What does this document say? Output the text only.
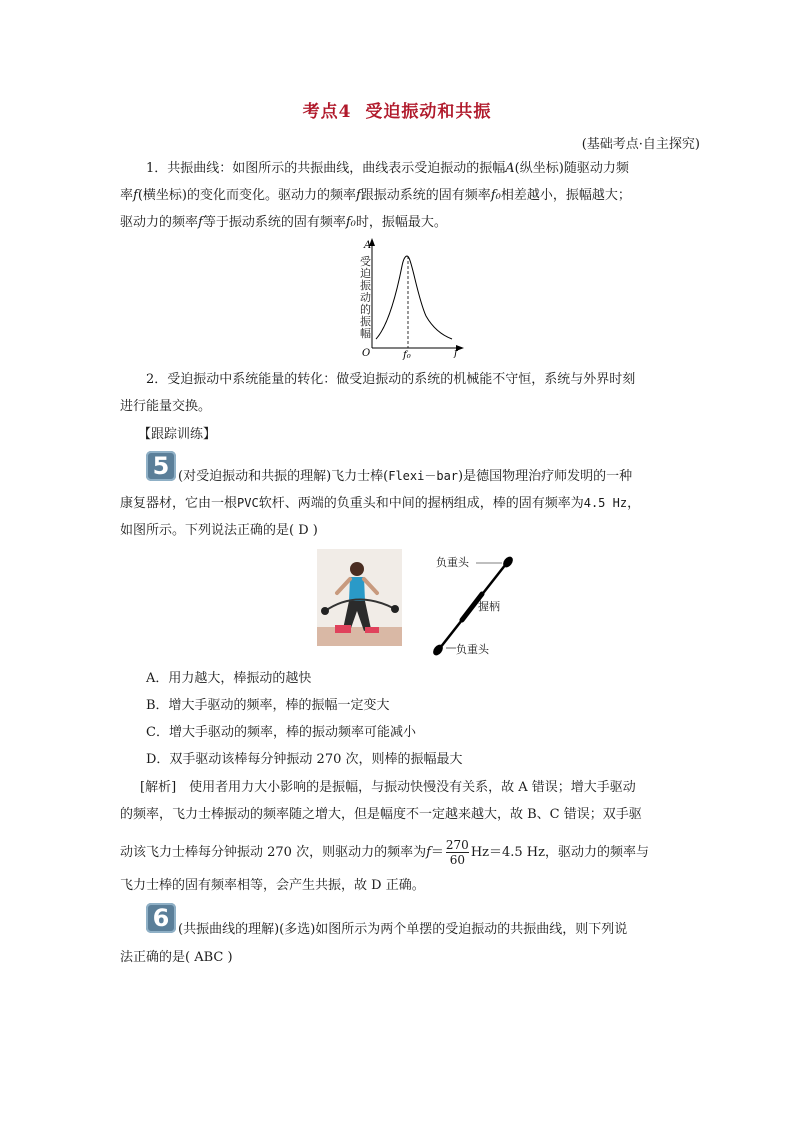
考点4 受迫振动和共振
(基础考点·自主探究)

1．共振曲线：如图所示的共振曲线，曲线表示受迫振动的振幅A(纵坐标)随驱动力频

率f(横坐标)的变化而变化。驱动力的频率f跟振动系统的固有频率f₀相差越小，振幅越大；

驱动力的频率f等于振动系统的固有频率f₀时，振幅最大。

A
O	f₀	f
受迫振动的振幅

2．受迫振动中系统能量的转化：做受迫振动的系统的机械能不守恒，系统与外界时刻

进行能量交换。

【跟踪训练】

5 (对受迫振动和共振的理解)飞力士棒(Flexi－bar)是德国物理治疗师发明的一种

康复器材，它由一根PVC软杆、两端的负重头和中间的握柄组成，棒的固有频率为4.5 Hz，

如图所示。下列说法正确的是( D )

负重头
握柄
负重头

A．用力越大，棒振动的越快

B．增大手驱动的频率，棒的振幅一定变大

C．增大手驱动的频率，棒的振动频率可能减小

D．双手驱动该棒每分钟振动 270 次，则棒的振幅最大

[解析]　使用者用力大小影响的是振幅，与振动快慢没有关系，故 A 错误；增大手驱动

的频率，飞力士棒振动的频率随之增大，但是幅度不一定越来越大，故 B、C 错误；双手驱

动该飞力士棒每分钟振动 270 次，则驱动力的频率为$f= \frac{270}{60} Hz=4.5$ Hz，驱动力的频率与

飞力士棒的固有频率相等，会产生共振，故 D 正确。

6 (共振曲线的理解)(多选)如图所示为两个单摆的受迫振动的共振曲线，则下列说

法正确的是( ABC )
